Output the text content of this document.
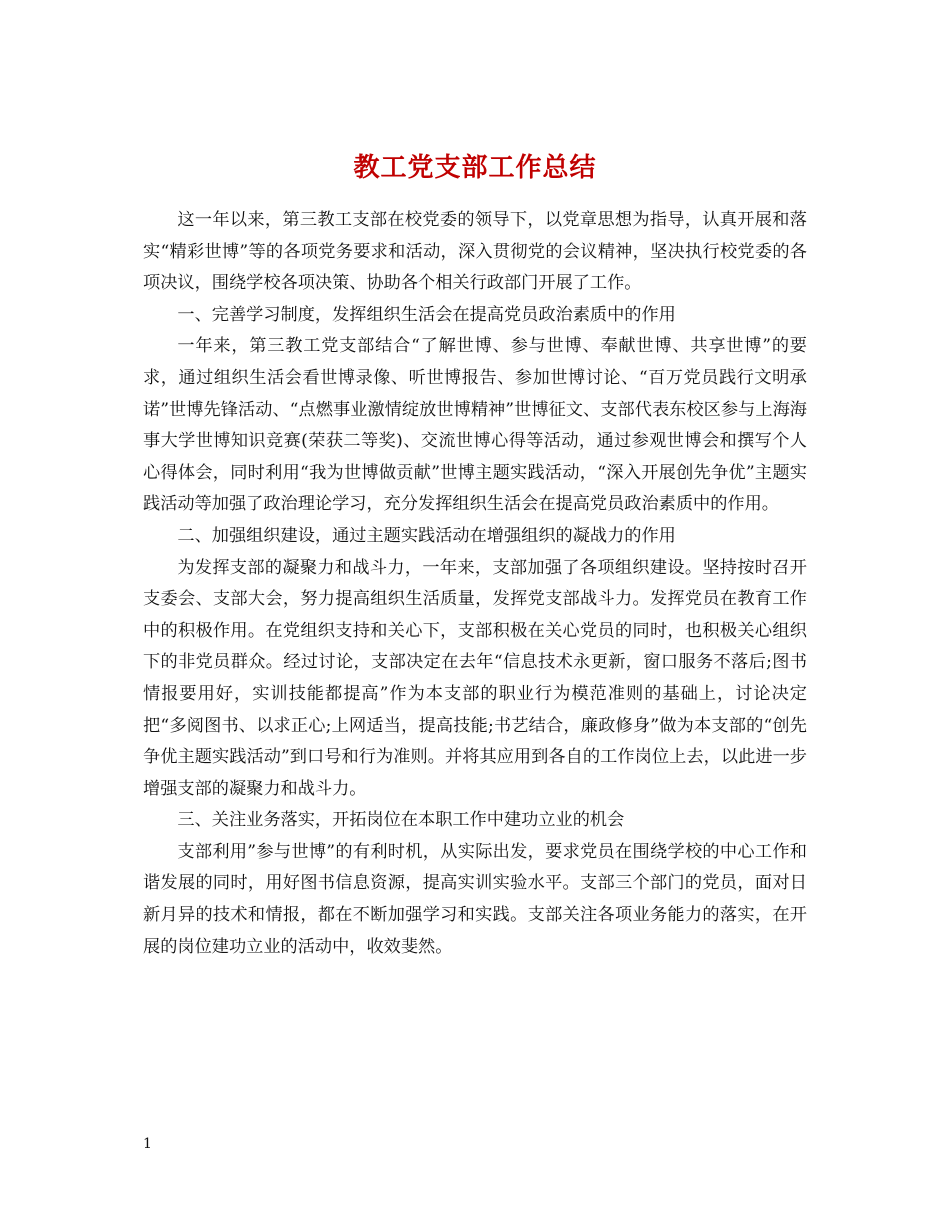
教工党支部工作总结

这一年以来，第三教工支部在校党委的领导下，以党章思想为指导，认真开展和落实“精彩世博”等的各项党务要求和活动，深入贯彻党的会议精神，坚决执行校党委的各项决议，围绕学校各项决策、协助各个相关行政部门开展了工作。

一、完善学习制度，发挥组织生活会在提高党员政治素质中的作用

一年来，第三教工党支部结合“了解世博、参与世博、奉献世博、共享世博”的要求，通过组织生活会看世博录像、听世博报告、参加世博讨论、“百万党员践行文明承诺”世博先锋活动、“点燃事业激情绽放世博精神”世博征文、支部代表东校区参与上海海事大学世博知识竞赛(荣获二等奖)、交流世博心得等活动，通过参观世博会和撰写个人心得体会，同时利用“我为世博做贡献”世博主题实践活动，“深入开展创先争优”主题实践活动等加强了政治理论学习，充分发挥组织生活会在提高党员政治素质中的作用。

二、加强组织建设，通过主题实践活动在增强组织的凝战力的作用

为发挥支部的凝聚力和战斗力，一年来，支部加强了各项组织建设。坚持按时召开支委会、支部大会，努力提高组织生活质量，发挥党支部战斗力。发挥党员在教育工作中的积极作用。在党组织支持和关心下，支部积极在关心党员的同时，也积极关心组织下的非党员群众。经过讨论，支部决定在去年“信息技术永更新，窗口服务不落后;图书情报要用好，实训技能都提高”作为本支部的职业行为模范准则的基础上，讨论决定把“多阅图书、以求正心;上网适当，提高技能;书艺结合，廉政修身”做为本支部的“创先争优主题实践活动”到口号和行为准则。并将其应用到各自的工作岗位上去，以此进一步增强支部的凝聚力和战斗力。

三、关注业务落实，开拓岗位在本职工作中建功立业的机会

支部利用”参与世博”的有利时机，从实际出发，要求党员在围绕学校的中心工作和谐发展的同时，用好图书信息资源，提高实训实验水平。支部三个部门的党员，面对日新月异的技术和情报，都在不断加强学习和实践。支部关注各项业务能力的落实，在开展的岗位建功立业的活动中，收效斐然。

1
